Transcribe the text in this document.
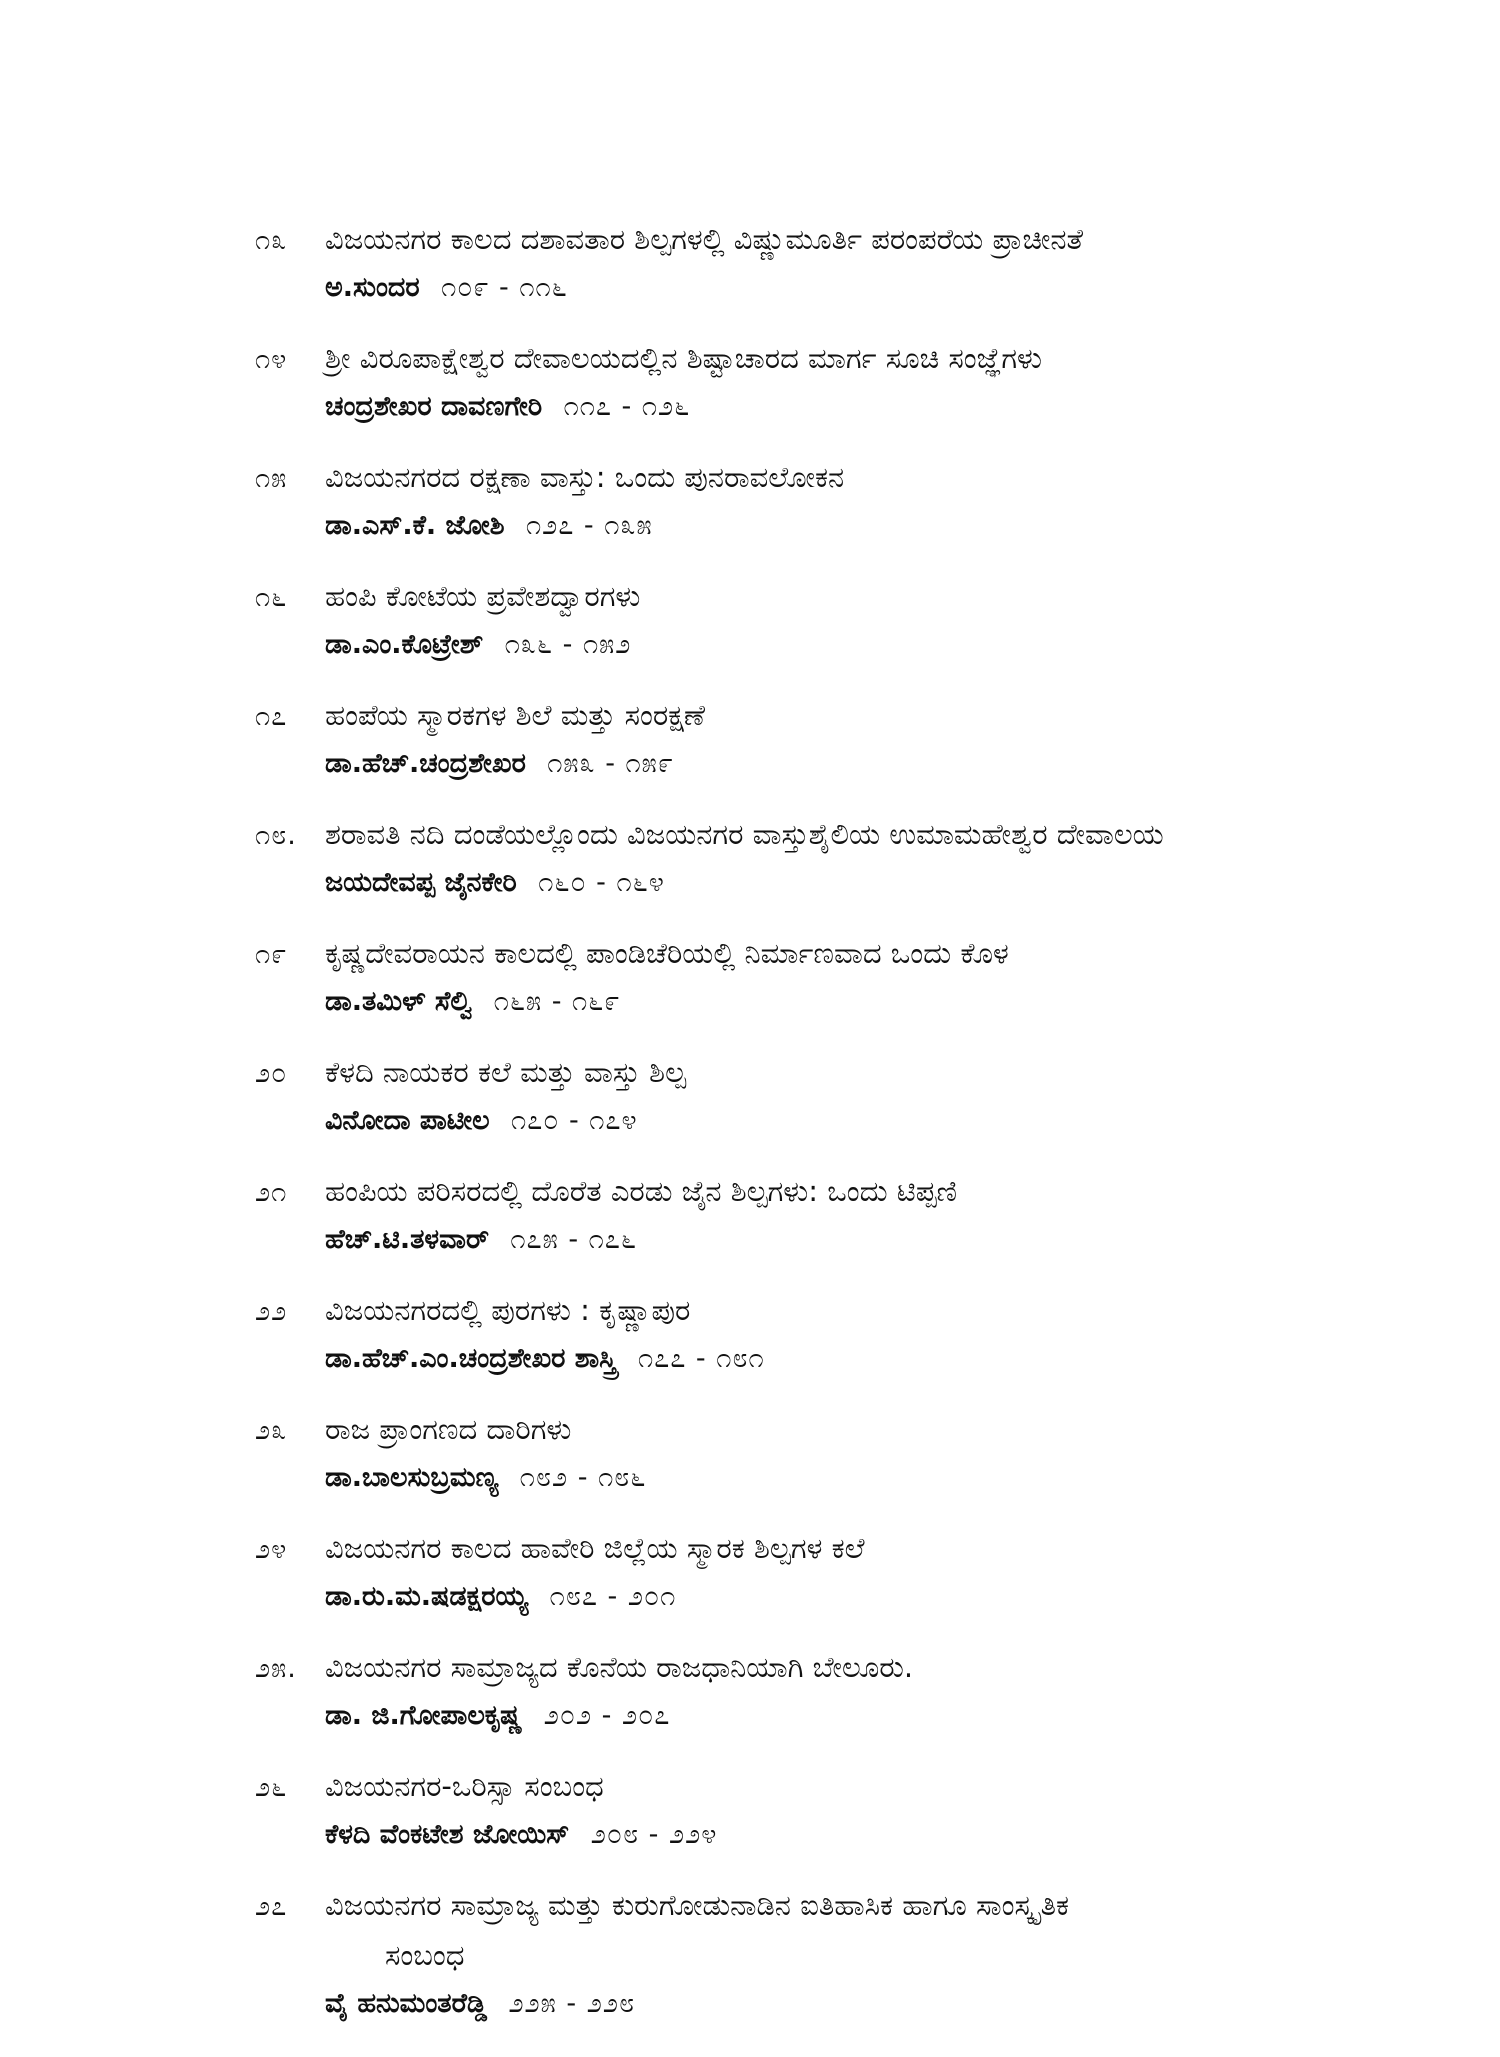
೧೩	ವಿಜಯನಗರ ಕಾಲದ ದಶಾವತಾರ ಶಿಲ್ಪಗಳಲ್ಲಿ ವಿಷ್ಣುಮೂರ್ತಿ ಪರಂಪರೆಯ ಪ್ರಾಚೀನತೆ
ಅ.ಸುಂದರ ೧೦೯ - ೧೧೬
೧೪	ಶ್ರೀ ವಿರೂಪಾಕ್ಷೇಶ್ವರ ದೇವಾಲಯದಲ್ಲಿನ ಶಿಷ್ಟಾಚಾರದ ಮಾರ್ಗ ಸೂಚಿ ಸಂಜ್ಞೆಗಳು
ಚಂದ್ರಶೇಖರ ದಾವಣಗೇರಿ ೧೧೭ - ೧೨೬
೧೫	ವಿಜಯನಗರದ ರಕ್ಷಣಾ ವಾಸ್ತು: ಒಂದು ಪುನರಾವಲೋಕನ
ಡಾ.ಎಸ್.ಕೆ. ಜೋಶಿ ೧೨೭ - ೧೩೫
೧೬	ಹಂಪಿ ಕೋಟೆಯ ಪ್ರವೇಶದ್ವಾರಗಳು
ಡಾ.ಎಂ.ಕೊಟ್ರೇಶ್ ೧೩೬ - ೧೫೨
೧೭	ಹಂಪೆಯ ಸ್ಮಾರಕಗಳ ಶಿಲೆ ಮತ್ತು ಸಂರಕ್ಷಣೆ
ಡಾ.ಹೆಚ್.ಚಂದ್ರಶೇಖರ ೧೫೩ - ೧೫೯
೧೮. ಶರಾವತಿ ನದಿ ದಂಡೆಯಲ್ಲೊಂದು ವಿಜಯನಗರ ವಾಸ್ತುಶೈಲಿಯ ಉಮಾಮಹೇಶ್ವರ ದೇವಾಲಯ
ಜಯದೇವಪ್ಪ ಜೈನಕೇರಿ ೧೬೦ - ೧೬೪
೧೯	ಕೃಷ್ಣದೇವರಾಯನ ಕಾಲದಲ್ಲಿ ಪಾಂಡಿಚೆರಿಯಲ್ಲಿ ನಿರ್ಮಾಣವಾದ ಒಂದು ಕೊಳ
ಡಾ.ತಮಿಳ್ ಸೆಲ್ವಿ ೧೬೫ - ೧೬೯
೨೦	ಕೆಳದಿ ನಾಯಕರ ಕಲೆ ಮತ್ತು ವಾಸ್ತು ಶಿಲ್ಪ
ವಿನೋದಾ ಪಾಟೀಲ ೧೭೦ - ೧೭೪
೨೧	ಹಂಪಿಯ ಪರಿಸರದಲ್ಲಿ ದೊರೆತ ಎರಡು ಜೈನ ಶಿಲ್ಪಗಳು: ಒಂದು ಟಿಪ್ಪಣಿ
ಹೆಚ್.ಟಿ.ತಳವಾರ್ ೧೭೫ - ೧೭೬
೨೨	ವಿಜಯನಗರದಲ್ಲಿ ಪುರಗಳು : ಕೃಷ್ಣಾಪುರ
ಡಾ.ಹೆಚ್.ಎಂ.ಚಂದ್ರಶೇಖರ ಶಾಸ್ತ್ರಿ ೧೭೭ - ೧೮೧
೨೩	ರಾಜ ಪ್ರಾಂಗಣದ ದಾರಿಗಳು
ಡಾ.ಬಾಲಸುಬ್ರಮಣ್ಯ ೧೮೨ - ೧೮೬
೨೪	ವಿಜಯನಗರ ಕಾಲದ ಹಾವೇರಿ ಜಿಲ್ಲೆಯ ಸ್ಮಾರಕ ಶಿಲ್ಪಗಳ ಕಲೆ
ಡಾ.ರು.ಮ.ಷಡಕ್ಷರಯ್ಯ ೧೮೭ - ೨೦೧
೨೫. ವಿಜಯನಗರ ಸಾಮ್ರಾಜ್ಯದ ಕೊನೆಯ ರಾಜಧಾನಿಯಾಗಿ ಬೇಲೂರು.
ಡಾ. ಜಿ.ಗೋಪಾಲಕೃಷ್ಣ ೨೦೨ - ೨೦೭
೨೬	ವಿಜಯನಗರ-ಒರಿಸ್ಸಾ ಸಂಬಂಧ
ಕೆಳದಿ ವೆಂಕಟೇಶ ಜೋಯಿಸ್ ೨೦೮ - ೨೨೪
೨೭	ವಿಜಯನಗರ ಸಾಮ್ರಾಜ್ಯ ಮತ್ತು ಕುರುಗೋಡುನಾಡಿನ ಐತಿಹಾಸಿಕ ಹಾಗೂ ಸಾಂಸ್ಕೃತಿಕ
ಸಂಬಂಧ
ವೈ ಹನುಮಂತರೆಡ್ಡಿ ೨೨೫ - ೨೨೮
